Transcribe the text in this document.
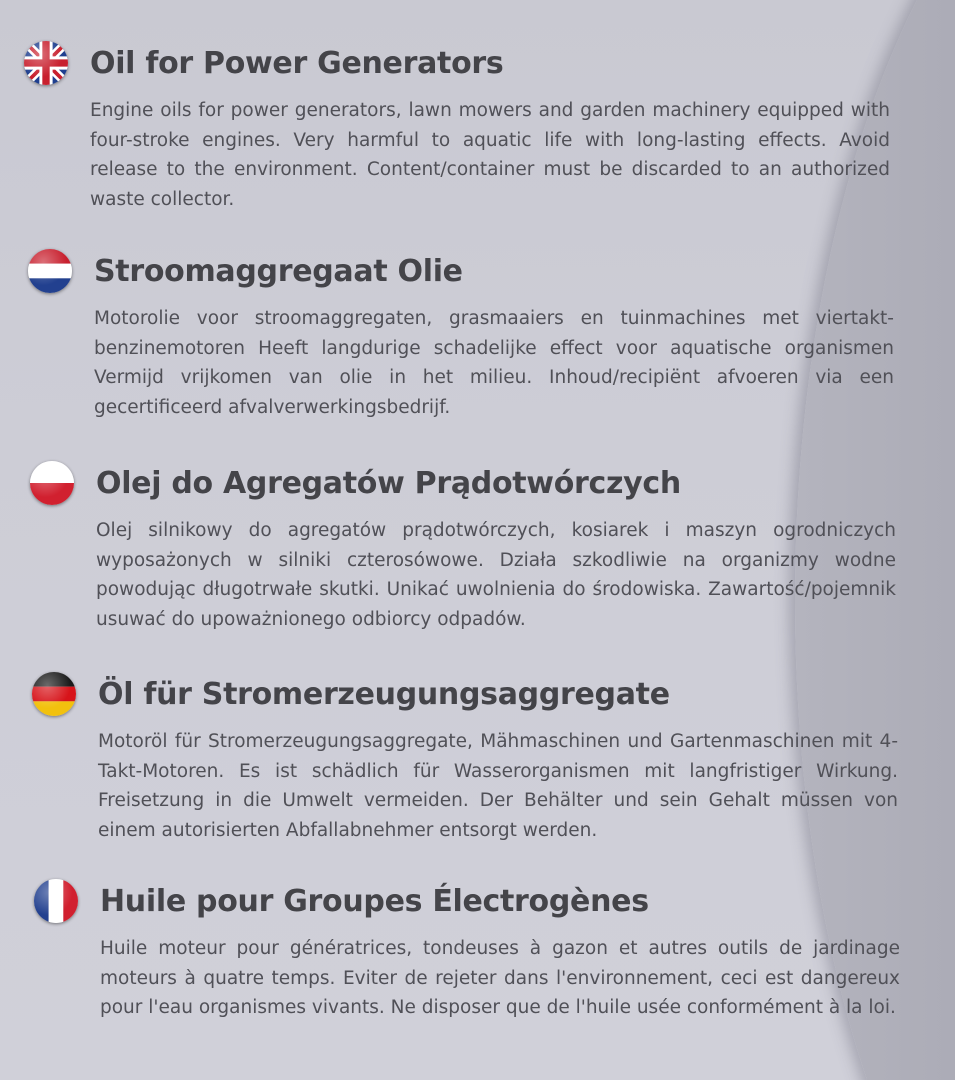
Oil for Power Generators
Engine oils for power generators, lawn mowers and garden machinery equipped with four-stroke engines. Very harmful to aquatic life with long-lasting effects. Avoid release to the environment. Content/container must be discarded to an authorized waste collector.
Stroomaggregaat Olie
Motorolie voor stroomaggregaten, grasmaaiers en tuinmachines met viertakt-benzinemotoren Heeft langdurige schadelijke effect voor aquatische organismen Vermijd vrijkomen van olie in het milieu. Inhoud/recipiënt afvoeren via een gecertificeerd afvalverwerkingsbedrijf.
Olej do Agregatów Prądotwórczych
Olej silnikowy do agregatów prądotwórczych, kosiarek i maszyn ogrodniczych wyposażonych w silniki czterosówowe. Działa szkodliwie na organizmy wodne powodując długotrwałe skutki. Unikać uwolnienia do środowiska. Zawartość/pojemnik usuwać do upoważnionego odbiorcy odpadów.
Öl für Stromerzeugungsaggregate
Motoröl für Stromerzeugungsaggregate, Mähmaschinen und Gartenmaschinen mit 4-Takt-Motoren. Es ist schädlich für Wasserorganismen mit langfristiger Wirkung. Freisetzung in die Umwelt vermeiden. Der Behälter und sein Gehalt müssen von einem autorisierten Abfallabnehmer entsorgt werden.
Huile pour Groupes Électrogènes
Huile moteur pour génératrices, tondeuses à gazon et autres outils de jardinage moteurs à quatre temps. Eviter de rejeter dans l'environnement, ceci est dangereux pour l'eau organismes vivants. Ne disposer que de l'huile usée conformément à la loi.
